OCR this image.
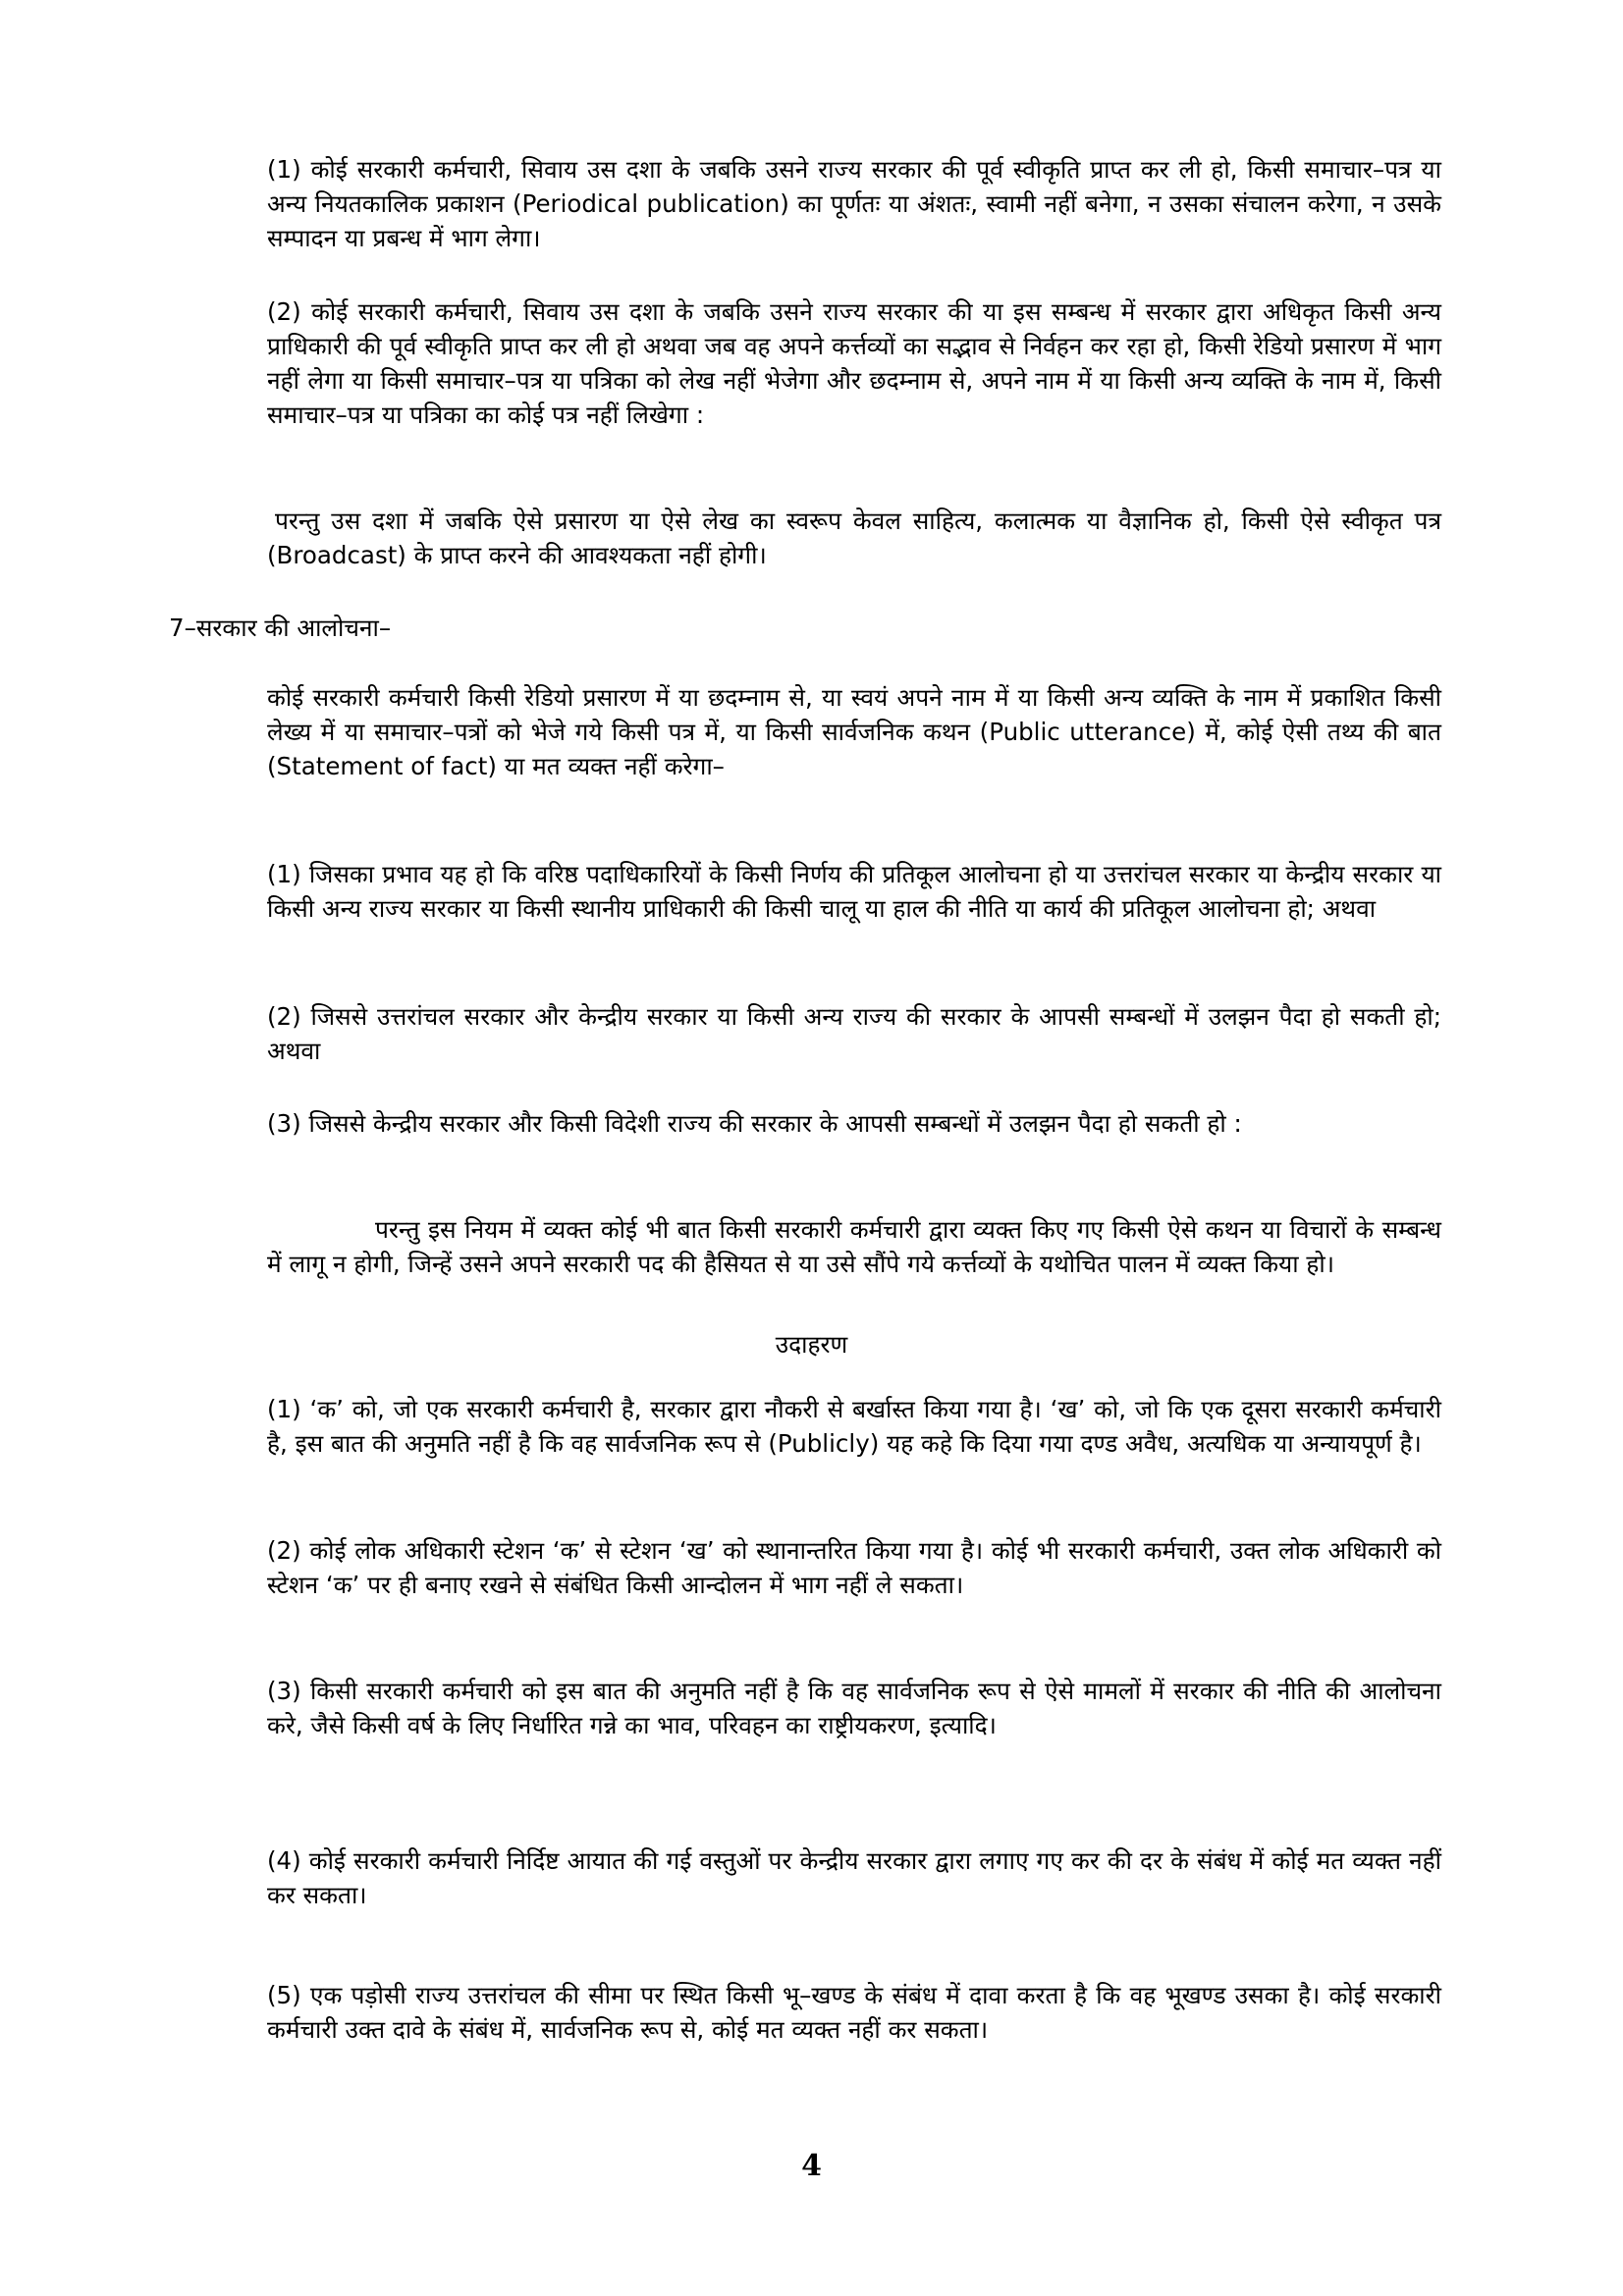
(1) कोई सरकारी कर्मचारी, सिवाय उस दशा के जबकि उसने राज्य सरकार की पूर्व स्वीकृति प्राप्त कर ली हो, किसी समाचार–पत्र या अन्य नियतकालिक प्रकाशन (Periodical publication) का पूर्णतः या अंशतः, स्वामी नहीं बनेगा, न उसका संचालन करेगा, न उसके सम्पादन या प्रबन्ध में भाग लेगा।

(2) कोई सरकारी कर्मचारी, सिवाय उस दशा के जबकि उसने राज्य सरकार की या इस सम्बन्ध में सरकार द्वारा अधिकृत किसी अन्य प्राधिकारी की पूर्व स्वीकृति प्राप्त कर ली हो अथवा जब वह अपने कर्त्तव्यों का सद्भाव से निर्वहन कर रहा हो, किसी रेडियो प्रसारण में भाग नहीं लेगा या किसी समाचार–पत्र या पत्रिका को लेख नहीं भेजेगा और छदम्नाम से, अपने नाम में या किसी अन्य व्यक्ति के नाम में, किसी समाचार–पत्र या पत्रिका का कोई पत्र नहीं लिखेगा :

परन्तु उस दशा में जबकि ऐसे प्रसारण या ऐसे लेख का स्वरूप केवल साहित्य, कलात्मक या वैज्ञानिक हो, किसी ऐसे स्वीकृत पत्र (Broadcast) के प्राप्त करने की आवश्यकता नहीं होगी।

7–सरकार की आलोचना–

कोई सरकारी कर्मचारी किसी रेडियो प्रसारण में या छदम्नाम से, या स्वयं अपने नाम में या किसी अन्य व्यक्ति के नाम में प्रकाशित किसी लेख्य में या समाचार–पत्रों को भेजे गये किसी पत्र में, या किसी सार्वजनिक कथन (Public utterance) में, कोई ऐसी तथ्य की बात (Statement of fact) या मत व्यक्त नहीं करेगा–

(1) जिसका प्रभाव यह हो कि वरिष्ठ पदाधिकारियों के किसी निर्णय की प्रतिकूल आलोचना हो या उत्तरांचल सरकार या केन्द्रीय सरकार या किसी अन्य राज्य सरकार या किसी स्थानीय प्राधिकारी की किसी चालू या हाल की नीति या कार्य की प्रतिकूल आलोचना हो; अथवा

(2) जिससे उत्तरांचल सरकार और केन्द्रीय सरकार या किसी अन्य राज्य की सरकार के आपसी सम्बन्धों में उलझन पैदा हो सकती हो; अथवा

(3) जिससे केन्द्रीय सरकार और किसी विदेशी राज्य की सरकार के आपसी सम्बन्धों में उलझन पैदा हो सकती हो :

परन्तु इस नियम में व्यक्त कोई भी बात किसी सरकारी कर्मचारी द्वारा व्यक्त किए गए किसी ऐसे कथन या विचारों के सम्बन्ध में लागू न होगी, जिन्हें उसने अपने सरकारी पद की हैसियत से या उसे सौंपे गये कर्त्तव्यों के यथोचित पालन में व्यक्त किया हो।

उदाहरण

(1) ‘क’ को, जो एक सरकारी कर्मचारी है, सरकार द्वारा नौकरी से बर्खास्त किया गया है। ‘ख’ को, जो कि एक दूसरा सरकारी कर्मचारी है, इस बात की अनुमति नहीं है कि वह सार्वजनिक रूप से (Publicly) यह कहे कि दिया गया दण्ड अवैध, अत्यधिक या अन्यायपूर्ण है।

(2) कोई लोक अधिकारी स्टेशन ‘क’ से स्टेशन ‘ख’ को स्थानान्तरित किया गया है। कोई भी सरकारी कर्मचारी, उक्त लोक अधिकारी को स्टेशन ‘क’ पर ही बनाए रखने से संबंधित किसी आन्दोलन में भाग नहीं ले सकता।

(3) किसी सरकारी कर्मचारी को इस बात की अनुमति नहीं है कि वह सार्वजनिक रूप से ऐसे मामलों में सरकार की नीति की आलोचना करे, जैसे किसी वर्ष के लिए निर्धारित गन्ने का भाव, परिवहन का राष्ट्रीयकरण, इत्यादि।

(4) कोई सरकारी कर्मचारी निर्दिष्ट आयात की गई वस्तुओं पर केन्द्रीय सरकार द्वारा लगाए गए कर की दर के संबंध में कोई मत व्यक्त नहीं कर सकता।

(5) एक पड़ोसी राज्य उत्तरांचल की सीमा पर स्थित किसी भू–खण्ड के संबंध में दावा करता है कि वह भूखण्ड उसका है। कोई सरकारी कर्मचारी उक्त दावे के संबंध में, सार्वजनिक रूप से, कोई मत व्यक्त नहीं कर सकता।

4
